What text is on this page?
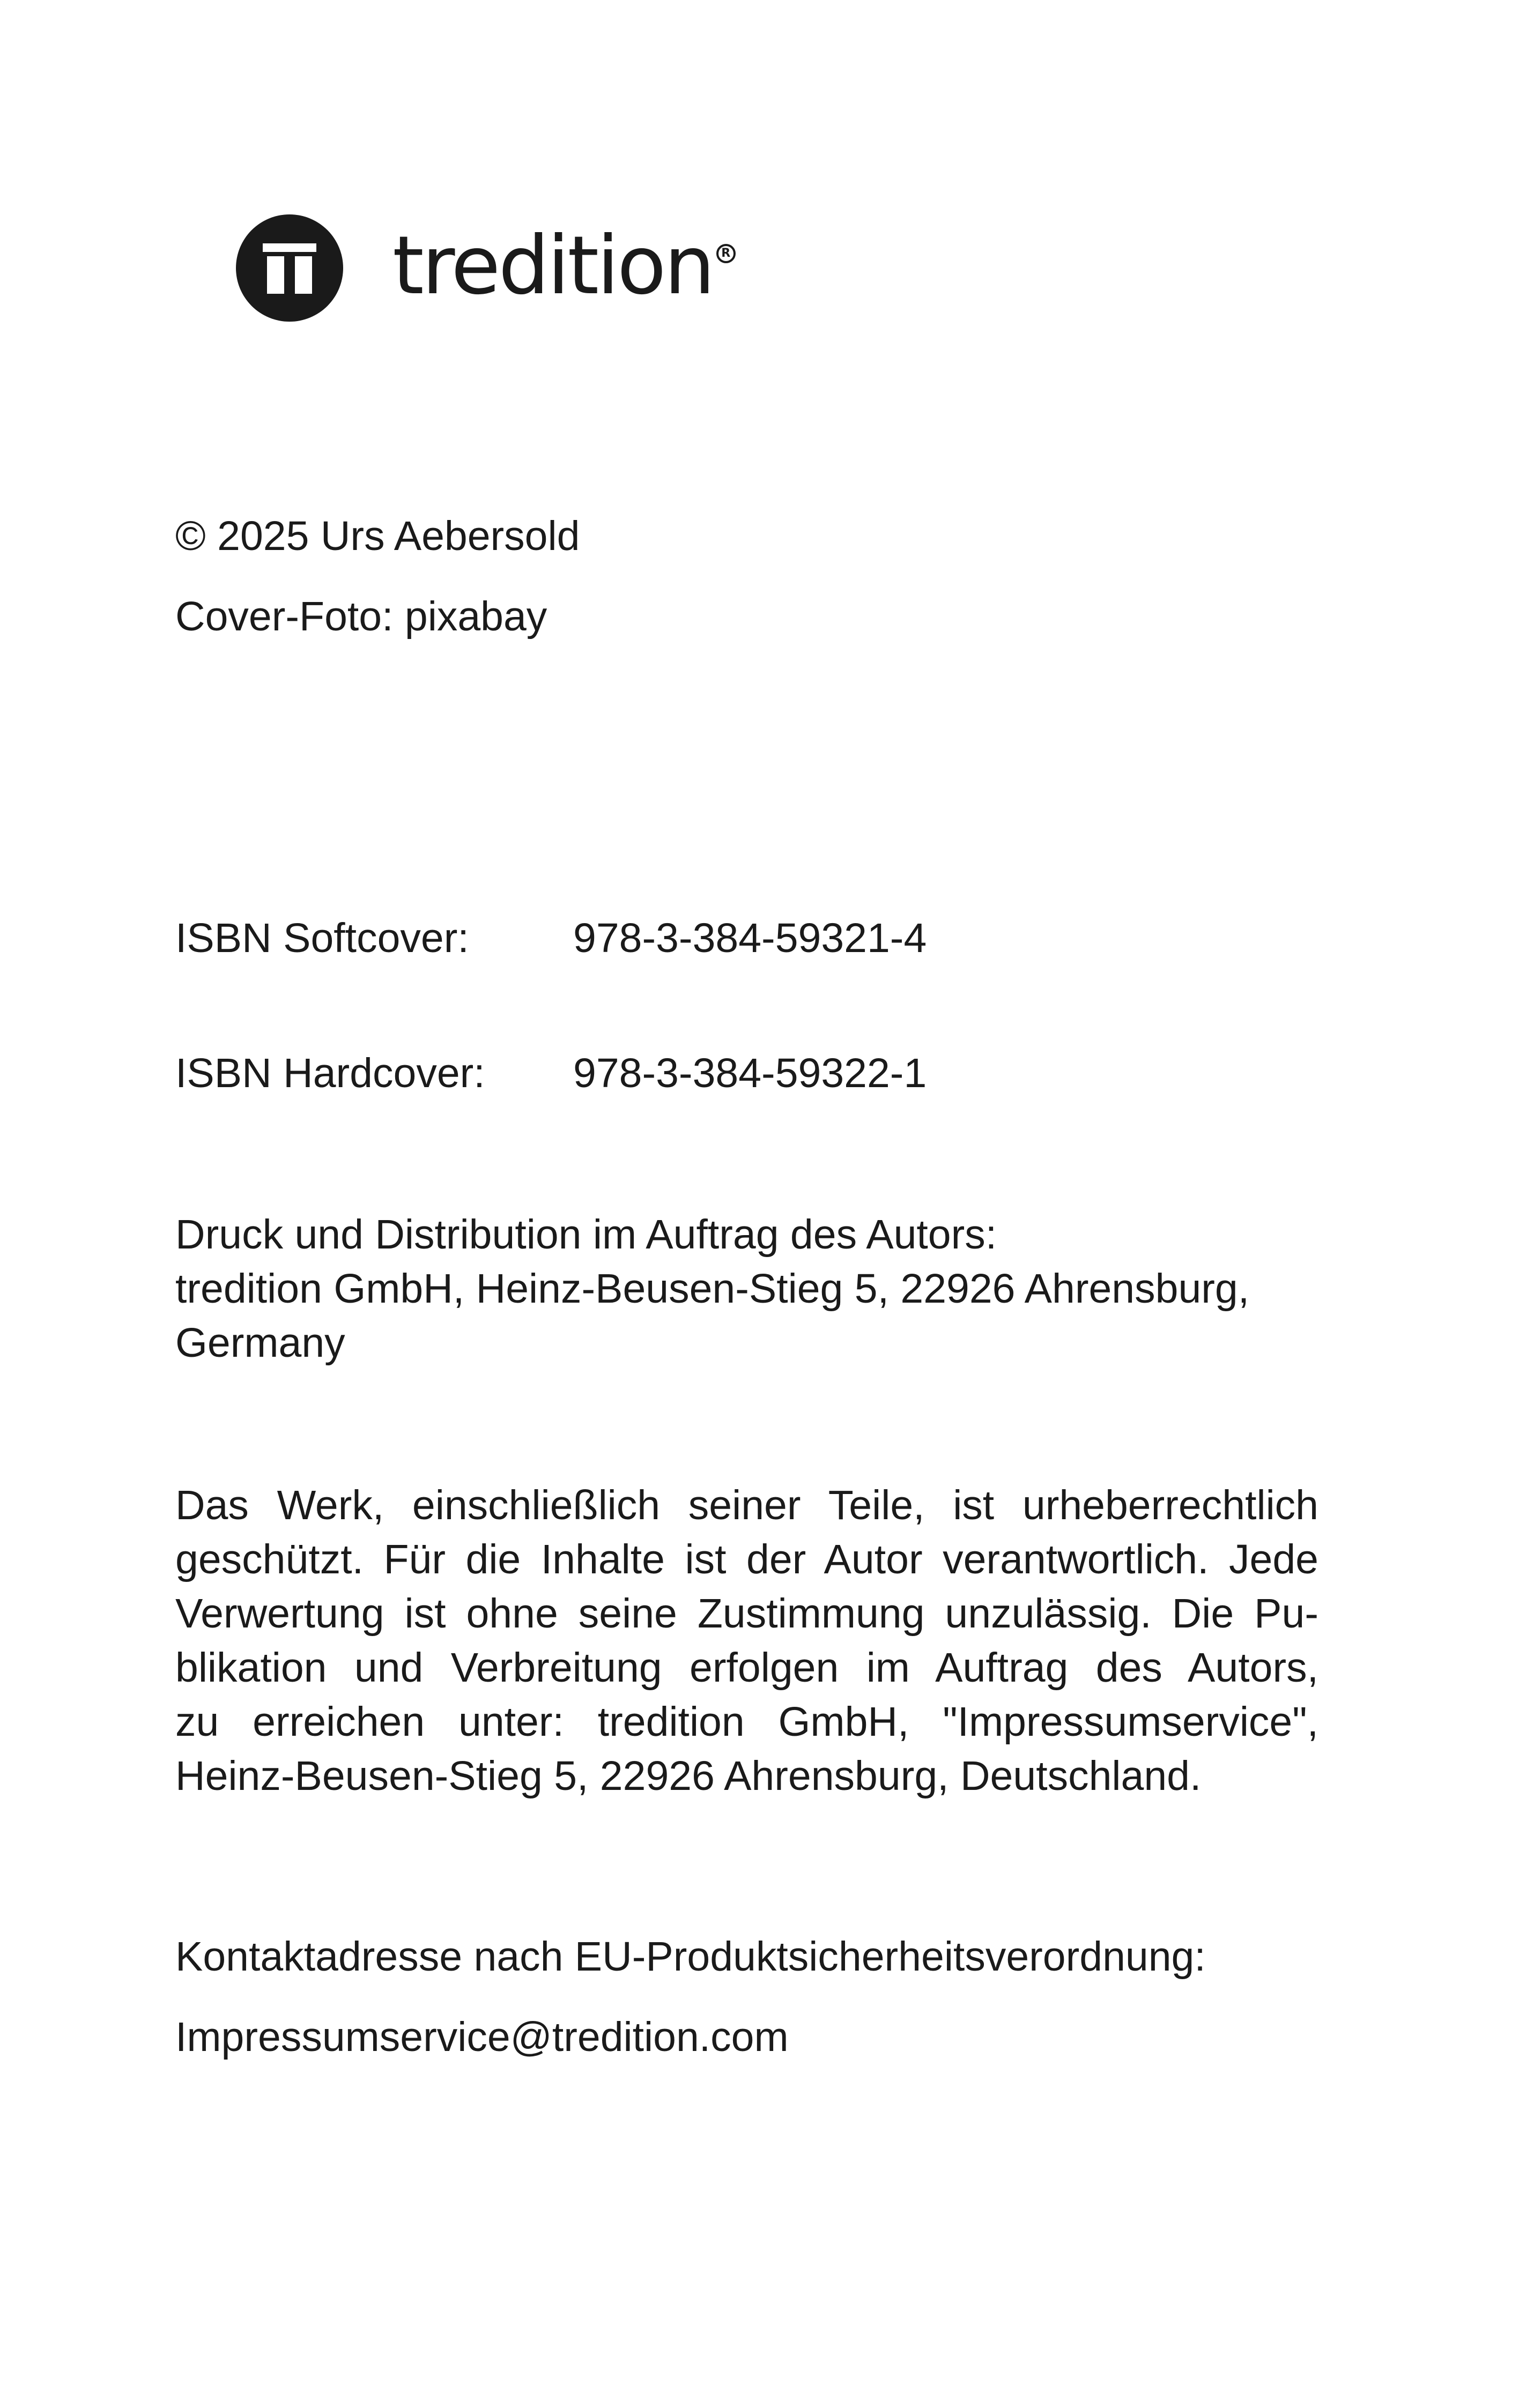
tredition R
© 2025 Urs Aebersold
Cover-Foto: pixabay
ISBN Softcover:	978-3-384-59321-4
ISBN Hardcover: 978-3-384-59322-1
Druck und Distribution im Auftrag des Autors:
tredition GmbH, Heinz-Beusen-Stieg 5, 22926 Ahrensburg,
Germany
Das Werk, einschließlich seiner Teile, ist urheberrechtlich
geschützt. Für die Inhalte ist der Autor verantwortlich. Jede
Verwertung ist ohne seine Zustimmung unzulässig. Die Pu-
blikation und Verbreitung erfolgen im Auftrag des Autors,
zu erreichen unter: tredition GmbH, "Impressumservice",
Heinz-Beusen-Stieg 5, 22926 Ahrensburg, Deutschland.
Kontaktadresse nach EU-Produktsicherheitsverordnung:
Impressumservice@tredition.com
